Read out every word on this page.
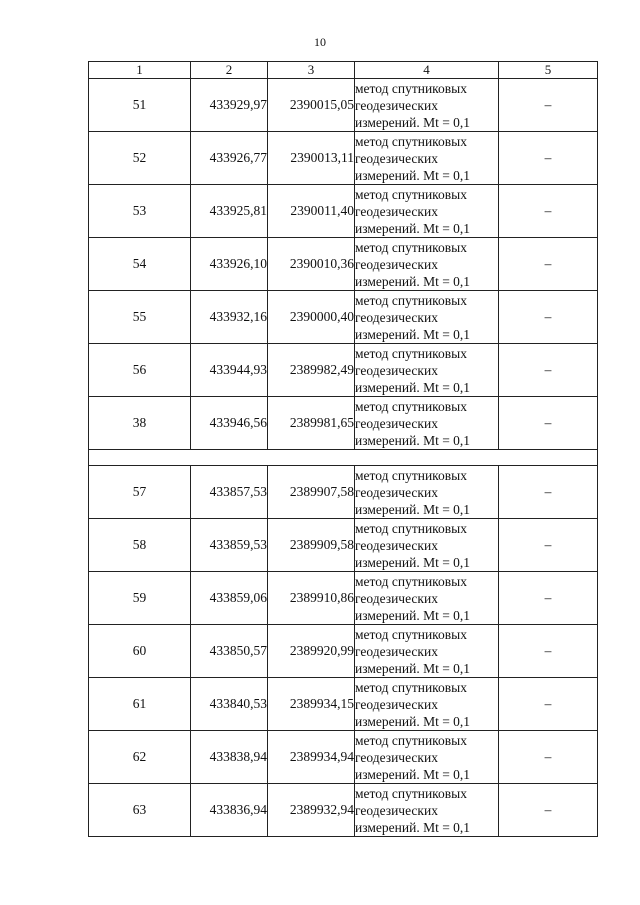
10
1	2	3	4	5
51	433929,97	2390015,05	метод спутниковых
геодезических
измерений. Mt = 0,1	–
52	433926,77	2390013,11	метод спутниковых
геодезических
измерений. Mt = 0,1	–
53	433925,81	2390011,40	метод спутниковых
геодезических
измерений. Mt = 0,1	–
54	433926,10	2390010,36	метод спутниковых
геодезических
измерений. Mt = 0,1	–
55	433932,16	2390000,40	метод спутниковых
геодезических
измерений. Mt = 0,1	–
56	433944,93	2389982,49	метод спутниковых
геодезических
измерений. Mt = 0,1	–
38	433946,56	2389981,65	метод спутниковых
геодезических
измерений. Mt = 0,1	–

57	433857,53	2389907,58	метод спутниковых
геодезических
измерений. Mt = 0,1	–
58	433859,53	2389909,58	метод спутниковых
геодезических
измерений. Mt = 0,1	–
59	433859,06	2389910,86	метод спутниковых
геодезических
измерений. Mt = 0,1	–
60	433850,57	2389920,99	метод спутниковых
геодезических
измерений. Mt = 0,1	–
61	433840,53	2389934,15	метод спутниковых
геодезических
измерений. Mt = 0,1	–
62	433838,94	2389934,94	метод спутниковых
геодезических
измерений. Mt = 0,1	–
63	433836,94	2389932,94	метод спутниковых
геодезических
измерений. Mt = 0,1	–
